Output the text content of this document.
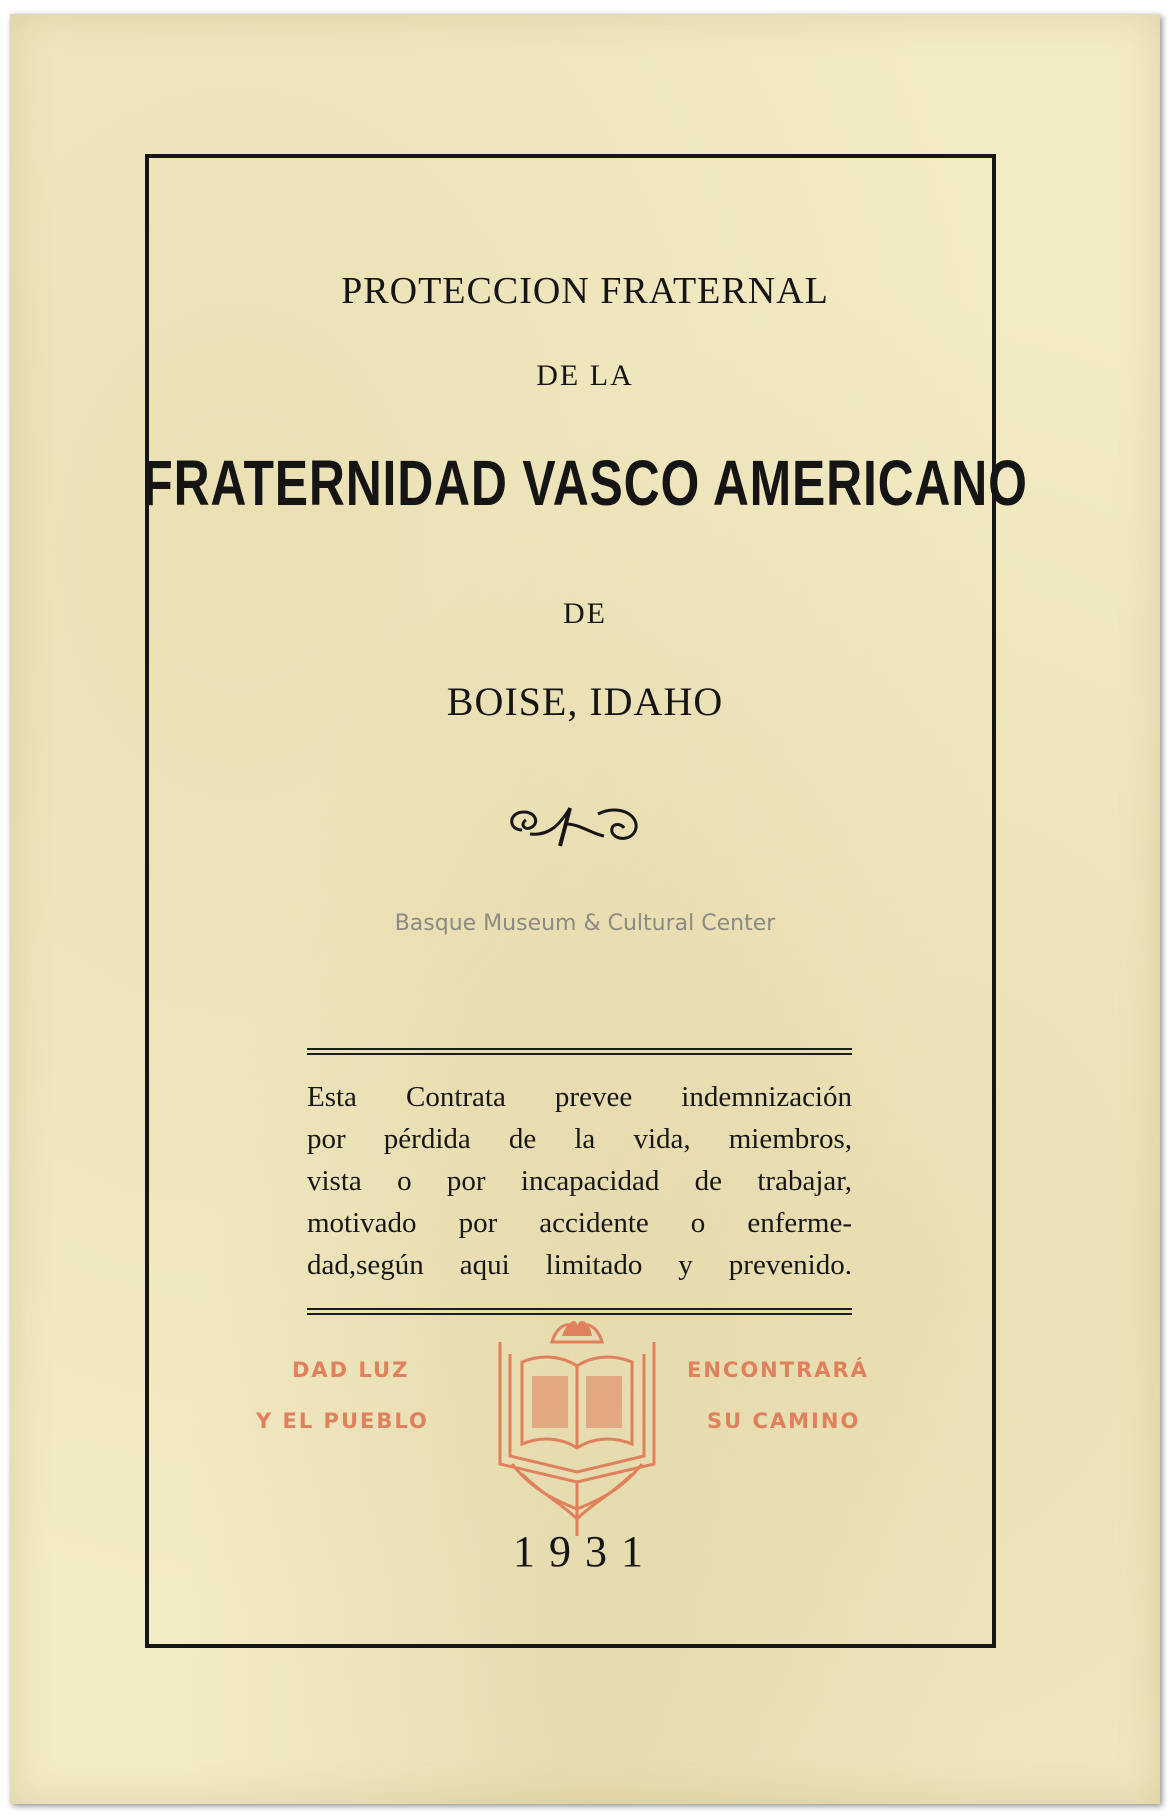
PROTECCION FRATERNAL
DE LA
FRATERNIDAD VASCO AMERICANO
DE
BOISE, IDAHO
Basque Museum & Cultural Center
Esta Contrata prevee indemnización
por pérdida de la vida, miembros,
vista o por incapacidad de trabajar,
motivado por accidente o enferme-
dad,según aqui limitado y prevenido.
DAD LUZ
Y EL PUEBLO
ENCONTRARÁ
SU CAMINO
1931
